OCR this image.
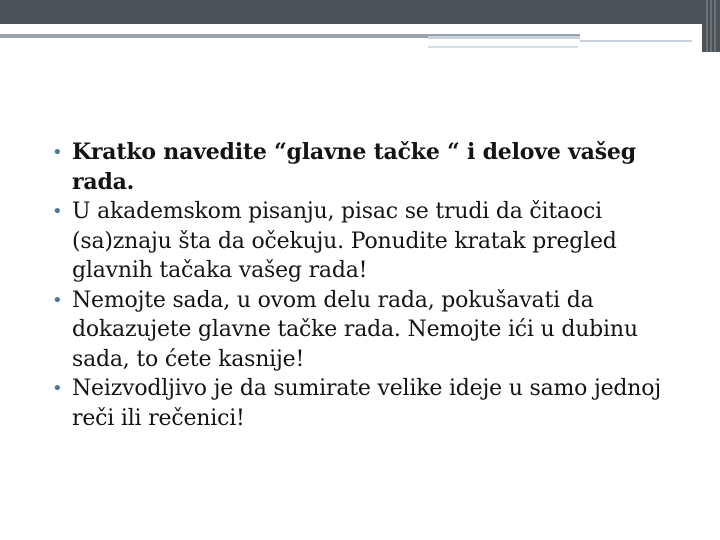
• Kratko navedite “glavne tačke “ i delove vašeg rada.
• U akademskom pisanju, pisac se trudi da čitaoci (sa)znaju šta da očekuju. Ponudite kratak pregled glavnih tačaka vašeg rada!
• Nemojte sada, u ovom delu rada, pokušavati da dokazujete glavne tačke rada. Nemojte ići u dubinu sada, to ćete kasnije!
• Neizvodljivo je da sumirate velike ideje u samo jednoj reči ili rečenici!
